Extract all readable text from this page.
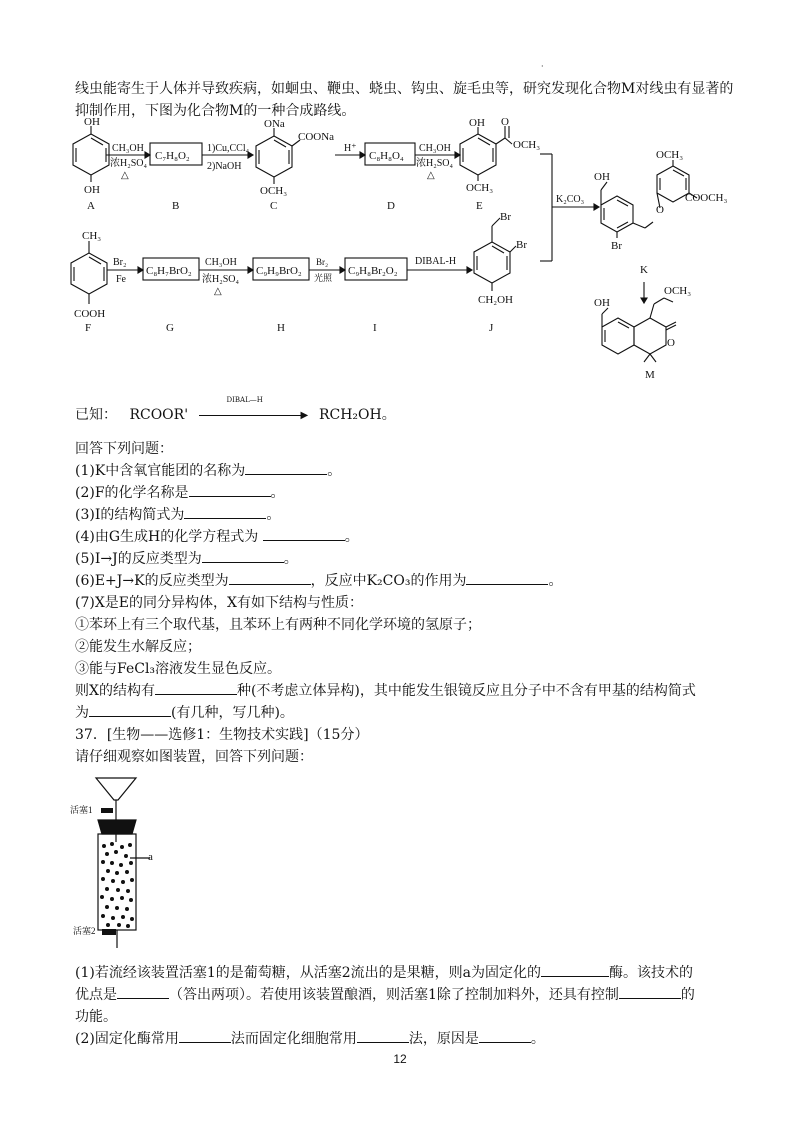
·
线虫能寄生于人体并导致疾病，如蛔虫、鞭虫、蛲虫、钩虫、旋毛虫等，研究发现化合物M对线虫有显著的抑制作用，下图为化合物M的一种合成路线。
OH
OH
A
CH₃OH
浓H₂SO₄
△
C₇H₈O₂
B
1)Cu,CCl₄
2)NaOH
ONa
COONa
OCH₃
C
H⁺
C₈H₈O₄
D
CH₃OH
浓H₂SO₄
△
OH O
OCH₃
OCH₃
E
K₂CO₃
OCH₃
COOCH₃
OH
O
Br
K
OCH₃
OH
O
M
CH₃
COOH
F
Br₂
Fe
C₈H₇BrO₂
G
CH₃OH
浓H₂SO₄
△
C₉H₉BrO₂
H
Br₂
光照
C₉H₈Br₂O₂
I
DIBAL-H
Br
Br
CH₂OH
J
已知： RCOOR'
DIBAL—H
▶ RCH₂OH。
回答下列问题：
(1)K中含氧官能团的名称为	。
(2)F的化学名称是	。
(3)I的结构简式为	。
(4)由G生成H的化学方程式为	。
(5)I→J的反应类型为	。
(6)E+J→K的反应类型为	，反应中K₂CO₃的作用为	。
(7)X是E的同分异构体，X有如下结构与性质：
①苯环上有三个取代基，且苯环上有两种不同化学环境的氢原子；
②能发生水解反应；
③能与FeCl₃溶液发生显色反应。
则X的结构有	种(不考虑立体异构)，其中能发生银镜反应且分子中不含有甲基的结构简式
为	(有几种，写几种)。
37．[生物——选修1：生物技术实践]（15分）
请仔细观察如图装置，回答下列问题：
活塞1
活塞2
a
(1)若流经该装置活塞1的是葡萄糖，从活塞2流出的是果糖，则a为固定化的	酶。该技术的
优点是	（答出两项）。若使用该装置酿酒，则活塞1除了控制加料外，还具有控制	的
功能。
(2)固定化酶常用	法而固定化细胞常用	法，原因是	。
12
